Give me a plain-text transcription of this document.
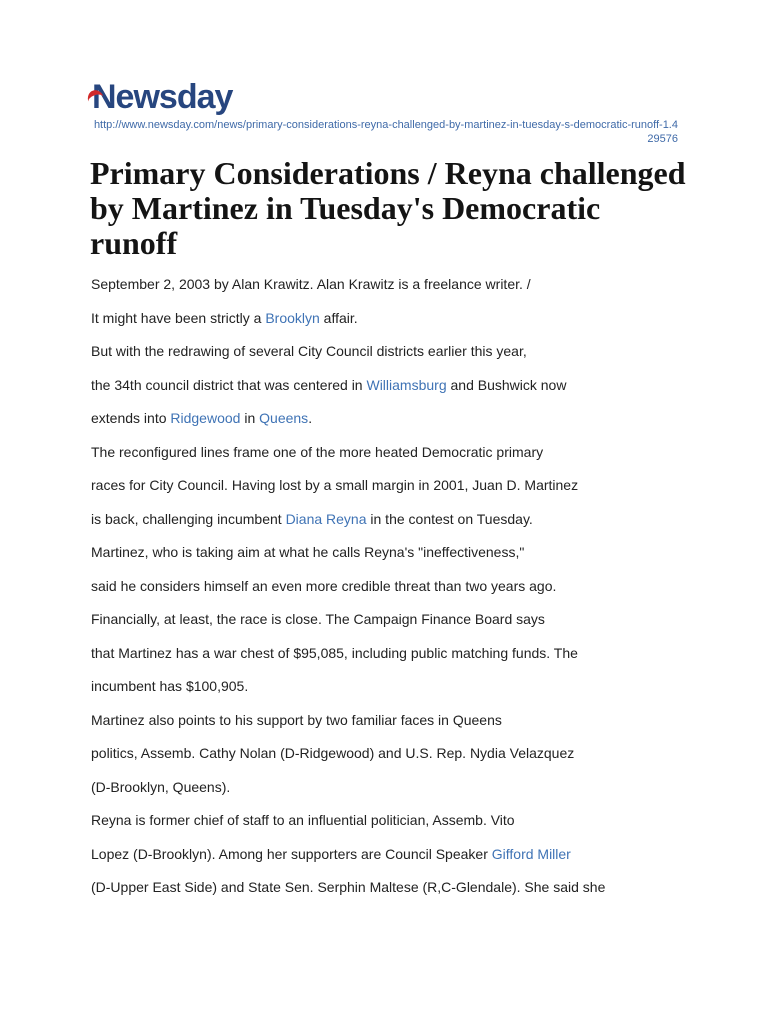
Newsday
http://www.newsday.com/news/primary-considerations-reyna-challenged-by-martinez-in-tuesday-s-democratic-runoff-1.429576
Primary Considerations / Reyna challenged by Martinez in Tuesday's Democratic runoff
September 2, 2003 by Alan Krawitz. Alan Krawitz is a freelance writer. /
It might have been strictly a Brooklyn affair.
But with the redrawing of several City Council districts earlier this year,
the 34th council district that was centered in Williamsburg and Bushwick now
extends into Ridgewood in Queens.
The reconfigured lines frame one of the more heated Democratic primary
races for City Council. Having lost by a small margin in 2001, Juan D. Martinez
is back, challenging incumbent Diana Reyna in the contest on Tuesday.
Martinez, who is taking aim at what he calls Reyna's "ineffectiveness,"
said he considers himself an even more credible threat than two years ago.
Financially, at least, the race is close. The Campaign Finance Board says
that Martinez has a war chest of $95,085, including public matching funds. The
incumbent has $100,905.
Martinez also points to his support by two familiar faces in Queens
politics, Assemb. Cathy Nolan (D-Ridgewood) and U.S. Rep. Nydia Velazquez
(D-Brooklyn, Queens).
Reyna is former chief of staff to an influential politician, Assemb. Vito
Lopez (D-Brooklyn). Among her supporters are Council Speaker Gifford Miller
(D-Upper East Side) and State Sen. Serphin Maltese (R,C-Glendale). She said she
